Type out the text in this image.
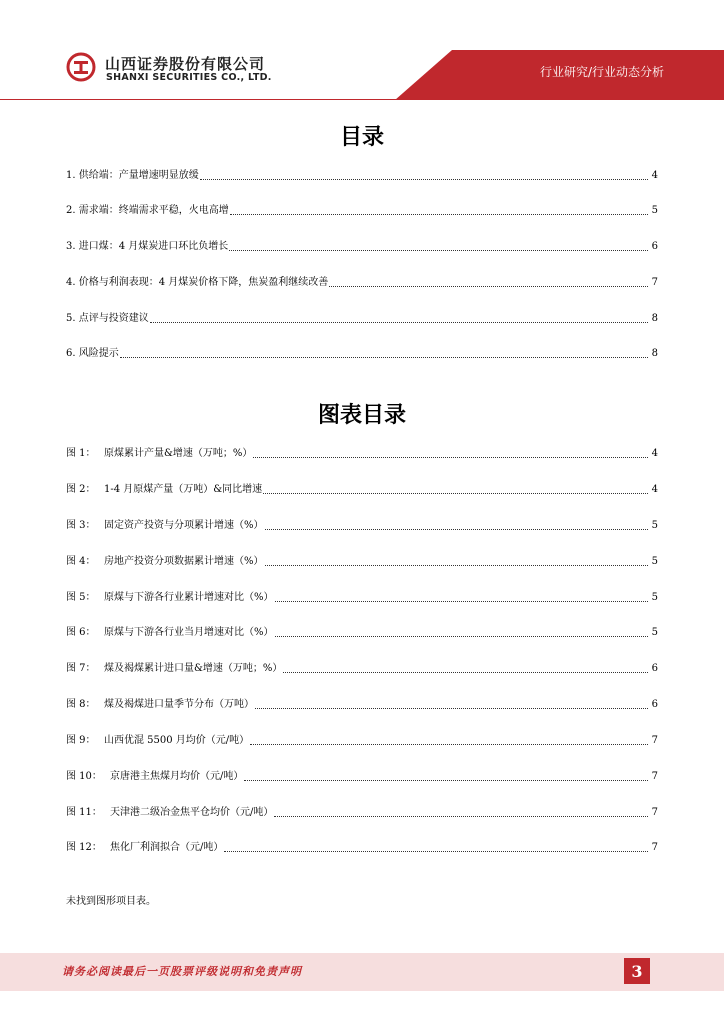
山西证券股份有限公司
SHANXI SECURITIES CO., LTD.	行业研究/行业动态分析
目录
1.
供给端：产量增速明显放缓	4
2.
需求端：终端需求平稳，火电高增	5
3.
进口煤：4 月煤炭进口环比负增长	6
4.
价格与利润表现：4 月煤炭价格下降，焦炭盈利继续改善	7
5.
点评与投资建议	8
6.
风险提示	8
图表目录
图 1： 原煤累计产量&增速（万吨；%）	4
图 2： 1-4 月原煤产量（万吨）&同比增速	4
图 3： 固定资产投资与分项累计增速（%）	5
图 4： 房地产投资分项数据累计增速（%）	5
图 5： 原煤与下游各行业累计增速对比（%）	5
图 6： 原煤与下游各行业当月增速对比（%）	5
图 7： 煤及褐煤累计进口量&增速（万吨；%）	6
图 8： 煤及褐煤进口量季节分布（万吨）	6
图 9： 山西优混 5500 月均价（元/吨）	7
图 10： 京唐港主焦煤月均价（元/吨）	7
图 11： 天津港二级冶金焦平仓均价（元/吨）	7
图 12： 焦化厂利润拟合（元/吨）	7
未找到图形项目表。
请务必阅读最后一页股票评级说明和免责声明	3
